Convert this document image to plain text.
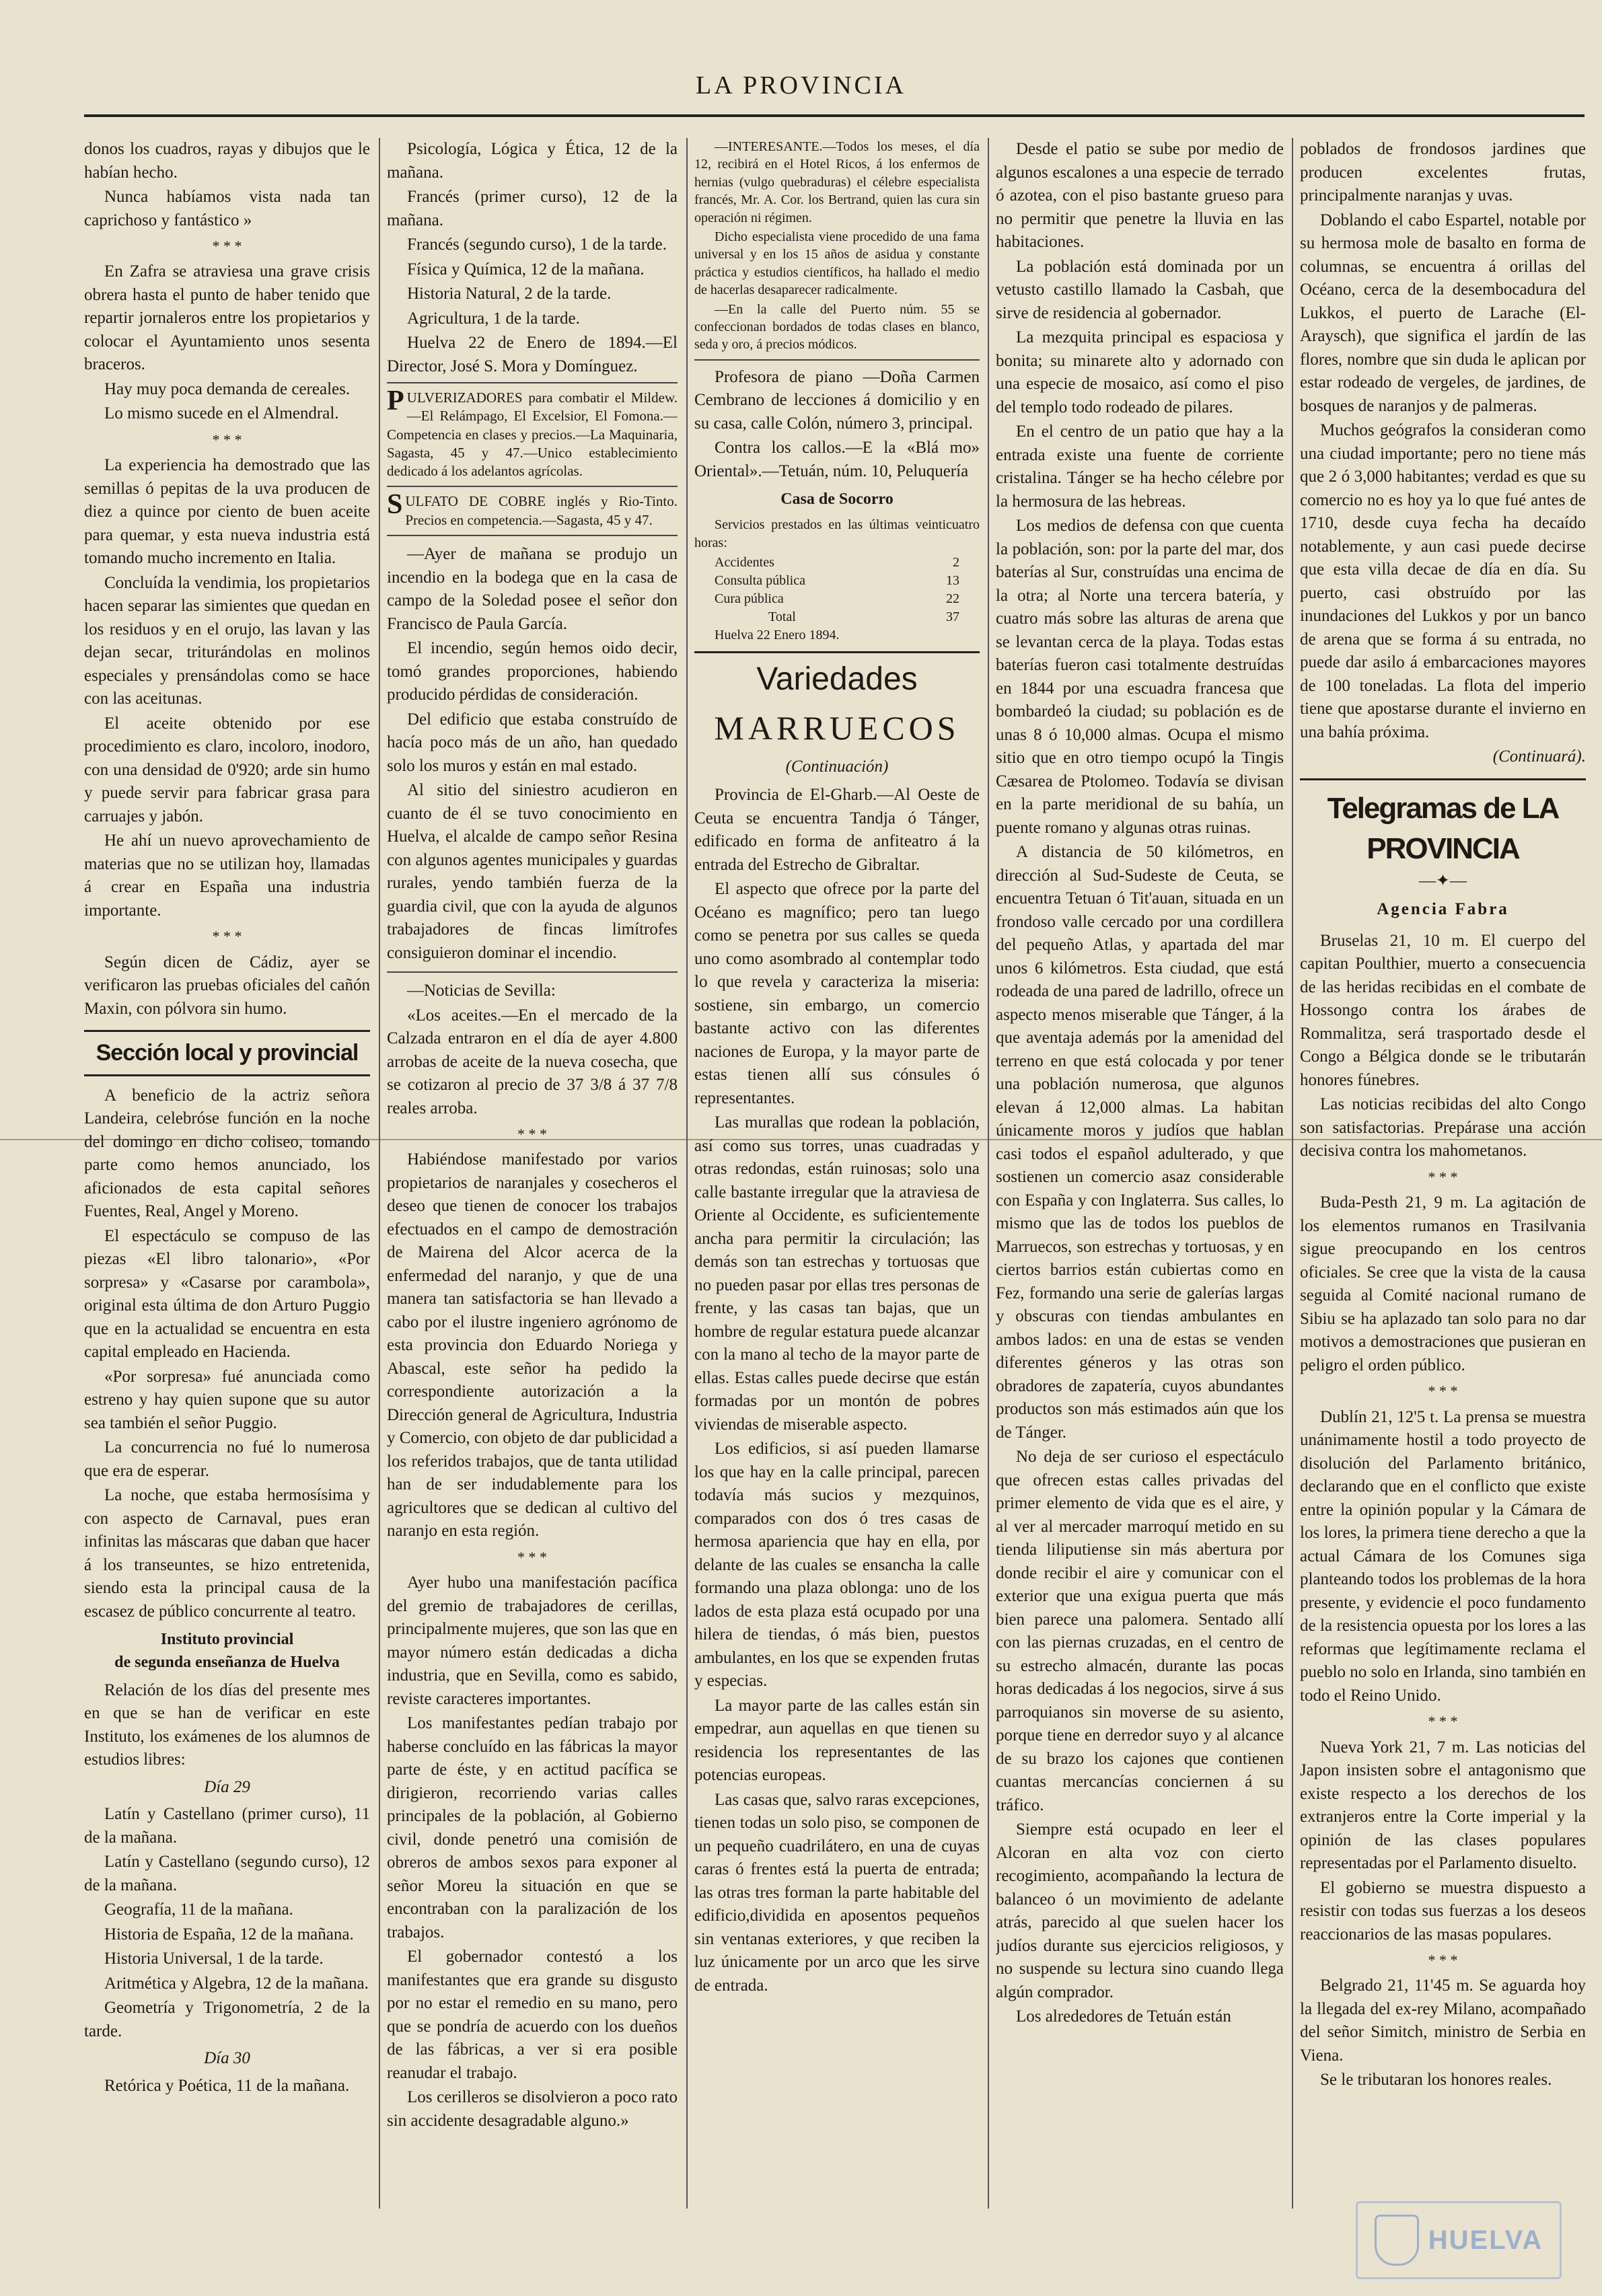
LA PROVINCIA

donos los cuadros, rayas y dibujos que le habían hecho.

Nunca habíamos vista nada tan caprichoso y fantástico »

* * *

En Zafra se atraviesa una grave crisis obrera hasta el punto de haber tenido que repartir jornaleros entre los propietarios y colocar el Ayuntamiento unos sesenta braceros.

Hay muy poca demanda de cereales.

Lo mismo sucede en el Almendral.

* * *

La experiencia ha demostrado que las semillas ó pepitas de la uva producen de diez a quince por ciento de buen aceite para quemar, y esta nueva industria está tomando mucho incremento en Italia.

Concluída la vendimia, los propietarios hacen separar las simientes que quedan en los residuos y en el orujo, las lavan y las dejan secar, triturándolas en molinos especiales y prensándolas como se hace con las aceitunas.

El aceite obtenido por ese procedimiento es claro, incoloro, inodoro, con una densidad de 0'920; arde sin humo y puede servir para fabricar grasa para carruajes y jabón.

He ahí un nuevo aprovechamiento de materias que no se utilizan hoy, llamadas á crear en España una industria importante.

* * *

Según dicen de Cádiz, ayer se verificaron las pruebas oficiales del cañón Maxin, con pólvora sin humo.

Sección local y provincial

A beneficio de la actriz señora Landeira, celebróse función en la noche del domingo en dicho coliseo, tomando parte como hemos anunciado, los aficionados de esta capital señores Fuentes, Real, Angel y Moreno.

El espectáculo se compuso de las piezas «El libro talonario», «Por sorpresa» y «Casarse por carambola», original esta última de don Arturo Puggio que en la actualidad se encuentra en esta capital empleado en Hacienda.

«Por sorpresa» fué anunciada como estreno y hay quien supone que su autor sea también el señor Puggio.

La concurrencia no fué lo numerosa que era de esperar.

La noche, que estaba hermosísima y con aspecto de Carnaval, pues eran infinitas las máscaras que daban que hacer á los transeuntes, se hizo entretenida, siendo esta la principal causa de la escasez de público concurrente al teatro.

Instituto provincial
de segunda enseñanza de Huelva

Relación de los días del presente mes en que se han de verificar en este Instituto, los exámenes de los alumnos de estudios libres:

Día 29

Latín y Castellano (primer curso), 11 de la mañana.

Latín y Castellano (segundo curso), 12 de la mañana.

Geografía, 11 de la mañana.

Historia de España, 12 de la mañana.

Historia Universal, 1 de la tarde.

Aritmética y Algebra, 12 de la mañana.

Geometría y Trigonometría, 2 de la tarde.

Día 30

Retórica y Poética, 11 de la mañana.

Psicología, Lógica y Ética, 12 de la mañana.

Francés (primer curso), 12 de la mañana.

Francés (segundo curso), 1 de la tarde.

Física y Química, 12 de la mañana.

Historia Natural, 2 de la tarde.

Agricultura, 1 de la tarde.

Huelva 22 de Enero de 1894.—El Director, José S. Mora y Domínguez.

P ULVERIZADORES para combatir el Mildew.—El Relámpago, El Excelsior, El Fomona.—Competencia en clases y precios.—La Maquinaria, Sagasta, 45 y 47.—Unico establecimiento dedicado á los adelantos agrícolas.
S ULFATO DE COBRE inglés y Rio-Tinto. Precios en competencia.—Sagasta, 45 y 47.

—Ayer de mañana se produjo un incendio en la bodega que en la casa de campo de la Soledad posee el señor don Francisco de Paula García.

El incendio, según hemos oido decir, tomó grandes proporciones, habiendo producido pérdidas de consideración.

Del edificio que estaba construído de hacía poco más de un año, han quedado solo los muros y están en mal estado.

Al sitio del siniestro acudieron en cuanto de él se tuvo conocimiento en Huelva, el alcalde de campo señor Resina con algunos agentes municipales y guardas rurales, yendo también fuerza de la guardia civil, que con la ayuda de algunos trabajadores de fincas limítrofes consiguieron dominar el incendio.

—Noticias de Sevilla:

«Los aceites.—En el mercado de la Calzada entraron en el día de ayer 4.800 arrobas de aceite de la nueva cosecha, que se cotizaron al precio de 37 3/8 á 37 7/8 reales arroba.

* * *

Habiéndose manifestado por varios propietarios de naranjales y cosecheros el deseo que tienen de conocer los trabajos efectuados en el campo de demostración de Mairena del Alcor acerca de la enfermedad del naranjo, y que de una manera tan satisfactoria se han llevado a cabo por el ilustre ingeniero agrónomo de esta provincia don Eduardo Noriega y Abascal, este señor ha pedido la correspondiente autorización a la Dirección general de Agricultura, Industria y Comercio, con objeto de dar publicidad a los referidos trabajos, que de tanta utilidad han de ser indudablemente para los agricultores que se dedican al cultivo del naranjo en esta región.

* * *

Ayer hubo una manifestación pacífica del gremio de trabajadores de cerillas, principalmente mujeres, que son las que en mayor número están dedicadas a dicha industria, que en Sevilla, como es sabido, reviste caracteres importantes.

Los manifestantes pedían trabajo por haberse concluído en las fábricas la mayor parte de éste, y en actitud pacífica se dirigieron, recorriendo varias calles principales de la población, al Gobierno civil, donde penetró una comisión de obreros de ambos sexos para exponer al señor Moreu la situación en que se encontraban con la paralización de los trabajos.

El gobernador contestó a los manifestantes que era grande su disgusto por no estar el remedio en su mano, pero que se pondría de acuerdo con los dueños de las fábricas, a ver si era posible reanudar el trabajo.

Los cerilleros se disolvieron a poco rato sin accidente desagradable alguno.»

—INTERESANTE.—Todos los meses, el día 12, recibirá en el Hotel Ricos, á los enfermos de hernias (vulgo quebraduras) el célebre especialista francés, Mr. A. Cor. los Bertrand, quien las cura sin operación ni régimen.

Dicho especialista viene procedido de una fama universal y en los 15 años de asidua y constante práctica y estudios científicos, ha hallado el medio de hacerlas desaparecer radicalmente.

—En la calle del Puerto núm. 55 se confeccionan bordados de todas clases en blanco, seda y oro, á precios módicos.

Profesora de piano —Doña Carmen Cembrano de lecciones á domicilio y en su casa, calle Colón, número 3, principal.

Contra los callos.—E la «Blá mo» Oriental».—Tetuán, núm. 10, Peluquería

Casa de Socorro

Servicios prestados en las últimas veinticuatro horas:

Accidentes	2
Consulta pública	13
Cura pública	22
Total	37

Huelva 22 Enero 1894.

Variedades
MARRUECOS
(Continuación)

Provincia de El-Gharb.—Al Oeste de Ceuta se encuentra Tandja ó Tánger, edificado en forma de anfiteatro á la entrada del Estrecho de Gibraltar.

El aspecto que ofrece por la parte del Océano es magnífico; pero tan luego como se penetra por sus calles se queda uno como asombrado al contemplar todo lo que revela y caracteriza la miseria: sostiene, sin embargo, un comercio bastante activo con las diferentes naciones de Europa, y la mayor parte de estas tienen allí sus cónsules ó representantes.

Las murallas que rodean la población, así como sus torres, unas cuadradas y otras redondas, están ruinosas; solo una calle bastante irregular que la atraviesa de Oriente al Occidente, es suficientemente ancha para permitir la circulación; las demás son tan estrechas y tortuosas que no pueden pasar por ellas tres personas de frente, y las casas tan bajas, que un hombre de regular estatura puede alcanzar con la mano al techo de la mayor parte de ellas. Estas calles puede decirse que están formadas por un montón de pobres viviendas de miserable aspecto.

Los edificios, si así pueden llamarse los que hay en la calle principal, parecen todavía más sucios y mezquinos, comparados con dos ó tres casas de hermosa apariencia que hay en ella, por delante de las cuales se ensancha la calle formando una plaza oblonga: uno de los lados de esta plaza está ocupado por una hilera de tiendas, ó más bien, puestos ambulantes, en los que se expenden frutas y especias.

La mayor parte de las calles están sin empedrar, aun aquellas en que tienen su residencia los representantes de las potencias europeas.

Las casas que, salvo raras excepciones, tienen todas un solo piso, se componen de un pequeño cuadrilátero, en una de cuyas caras ó frentes está la puerta de entrada; las otras tres forman la parte habitable del edificio,dividida en aposentos pequeños sin ventanas exteriores, y que reciben la luz únicamente por un arco que les sirve de entrada.

Desde el patio se sube por medio de algunos escalones a una especie de terrado ó azotea, con el piso bastante grueso para no permitir que penetre la lluvia en las habitaciones.

La población está dominada por un vetusto castillo llamado la Casbah, que sirve de residencia al gobernador.

La mezquita principal es espaciosa y bonita; su minarete alto y adornado con una especie de mosaico, así como el piso del templo todo rodeado de pilares.

En el centro de un patio que hay a la entrada existe una fuente de corriente cristalina. Tánger se ha hecho célebre por la hermosura de las hebreas.

Los medios de defensa con que cuenta la población, son: por la parte del mar, dos baterías al Sur, construídas una encima de la otra; al Norte una tercera batería, y cuatro más sobre las alturas de arena que se levantan cerca de la playa. Todas estas baterías fueron casi totalmente destruídas en 1844 por una escuadra francesa que bombardeó la ciudad; su población es de unas 8 ó 10,000 almas. Ocupa el mismo sitio que en otro tiempo ocupó la Tingis Cæsarea de Ptolomeo. Todavía se divisan en la parte meridional de su bahía, un puente romano y algunas otras ruinas.

A distancia de 50 kilómetros, en dirección al Sud-Sudeste de Ceuta, se encuentra Tetuan ó Tit'auan, situada en un frondoso valle cercado por una cordillera del pequeño Atlas, y apartada del mar unos 6 kilómetros. Esta ciudad, que está rodeada de una pared de ladrillo, ofrece un aspecto menos miserable que Tánger, á la que aventaja además por la amenidad del terreno en que está colocada y por tener una población numerosa, que algunos elevan á 12,000 almas. La habitan únicamente moros y judíos que hablan casi todos el español adulterado, y que sostienen un comercio asaz considerable con España y con Inglaterra. Sus calles, lo mismo que las de todos los pueblos de Marruecos, son estrechas y tortuosas, y en ciertos barrios están cubiertas como en Fez, formando una serie de galerías largas y obscuras con tiendas ambulantes en ambos lados: en una de estas se venden diferentes géneros y las otras son obradores de zapatería, cuyos abundantes productos son más estimados aún que los de Tánger.

No deja de ser curioso el espectáculo que ofrecen estas calles privadas del primer elemento de vida que es el aire, y al ver al mercader marroquí metido en su tienda liliputiense sin más abertura por donde recibir el aire y comunicar con el exterior que una exigua puerta que más bien parece una palomera. Sentado allí con las piernas cruzadas, en el centro de su estrecho almacén, durante las pocas horas dedicadas á los negocios, sirve á sus parroquianos sin moverse de su asiento, porque tiene en derredor suyo y al alcance de su brazo los cajones que contienen cuantas mercancías conciernen á su tráfico.

Siempre está ocupado en leer el Alcoran en alta voz con cierto recogimiento, acompañando la lectura de balanceo ó un movimiento de adelante atrás, parecido al que suelen hacer los judíos durante sus ejercicios religiosos, y no suspende su lectura sino cuando llega algún comprador.

Los alrededores de Tetuán están

poblados de frondosos jardines que producen excelentes frutas, principalmente naranjas y uvas.

Doblando el cabo Espartel, notable por su hermosa mole de basalto en forma de columnas, se encuentra á orillas del Océano, cerca de la desembocadura del Lukkos, el puerto de Larache (El-Araysch), que significa el jardín de las flores, nombre que sin duda le aplican por estar rodeado de vergeles, de jardines, de bosques de naranjos y de palmeras.

Muchos geógrafos la consideran como una ciudad importante; pero no tiene más que 2 ó 3,000 habitantes; verdad es que su comercio no es hoy ya lo que fué antes de 1710, desde cuya fecha ha decaído notablemente, y aun casi puede decirse que esta villa decae de día en día. Su puerto, casi obstruído por las inundaciones del Lukkos y por un banco de arena que se forma á su entrada, no puede dar asilo á embarcaciones mayores de 100 toneladas. La flota del imperio tiene que apostarse durante el invierno en una bahía próxima.

(Continuará).
Telegramas de LA PROVINCIA
—✦—
Agencia Fabra

Bruselas 21, 10 m. El cuerpo del capitan Poulthier, muerto a consecuencia de las heridas recibidas en el combate de Hossongo contra los árabes de Rommalitza, será trasportado desde el Congo a Bélgica donde se le tributarán honores fúnebres.

Las noticias recibidas del alto Congo son satisfactorias. Prepárase una acción decisiva contra los mahometanos.

* * *

Buda-Pesth 21, 9 m. La agitación de los elementos rumanos en Trasilvania sigue preocupando en los centros oficiales. Se cree que la vista de la causa seguida al Comité nacional rumano de Sibiu se ha aplazado tan solo para no dar motivos a demostraciones que pusieran en peligro el orden público.

* * *

Dublín 21, 12'5 t. La prensa se muestra unánimamente hostil a todo proyecto de disolución del Parlamento británico, declarando que en el conflicto que existe entre la opinión popular y la Cámara de los lores, la primera tiene derecho a que la actual Cámara de los Comunes siga planteando todos los problemas de la hora presente, y evidencie el poco fundamento de la resistencia opuesta por los lores a las reformas que legítimamente reclama el pueblo no solo en Irlanda, sino también en todo el Reino Unido.

* * *

Nueva York 21, 7 m. Las noticias del Japon insisten sobre el antagonismo que existe respecto a los derechos de los extranjeros entre la Corte imperial y la opinión de las clases populares representadas por el Parlamento disuelto.

El gobierno se muestra dispuesto a resistir con todas sus fuerzas a los deseos reaccionarios de las masas populares.

* * *

Belgrado 21, 11'45 m. Se aguarda hoy la llegada del ex-rey Milano, acompañado del señor Simitch, ministro de Serbia en Viena.

Se le tributaran los honores reales.

HUELVA
